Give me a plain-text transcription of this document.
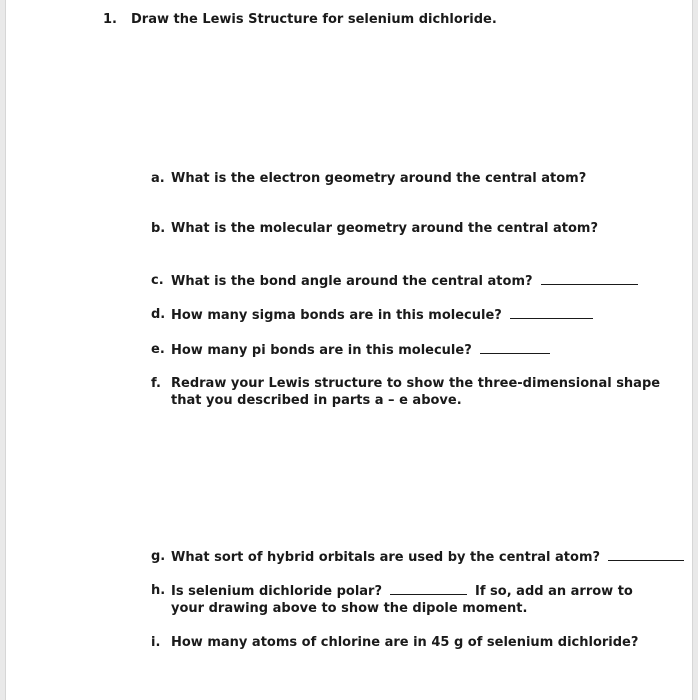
1. Draw the Lewis Structure for selenium dichloride.
a. What is the electron geometry around the central atom?
b. What is the molecular geometry around the central atom?
c. What is the bond angle around the central atom?
d. How many sigma bonds are in this molecule?
e. How many pi bonds are in this molecule?
f. Redraw your Lewis structure to show the three-dimensional shape
that you described in parts a – e above.
g. What sort of hybrid orbitals are used by the central atom?
h. Is selenium dichloride polar?	If so, add an arrow to
your drawing above to show the dipole moment.
i. How many atoms of chlorine are in 45 g of selenium dichloride?
